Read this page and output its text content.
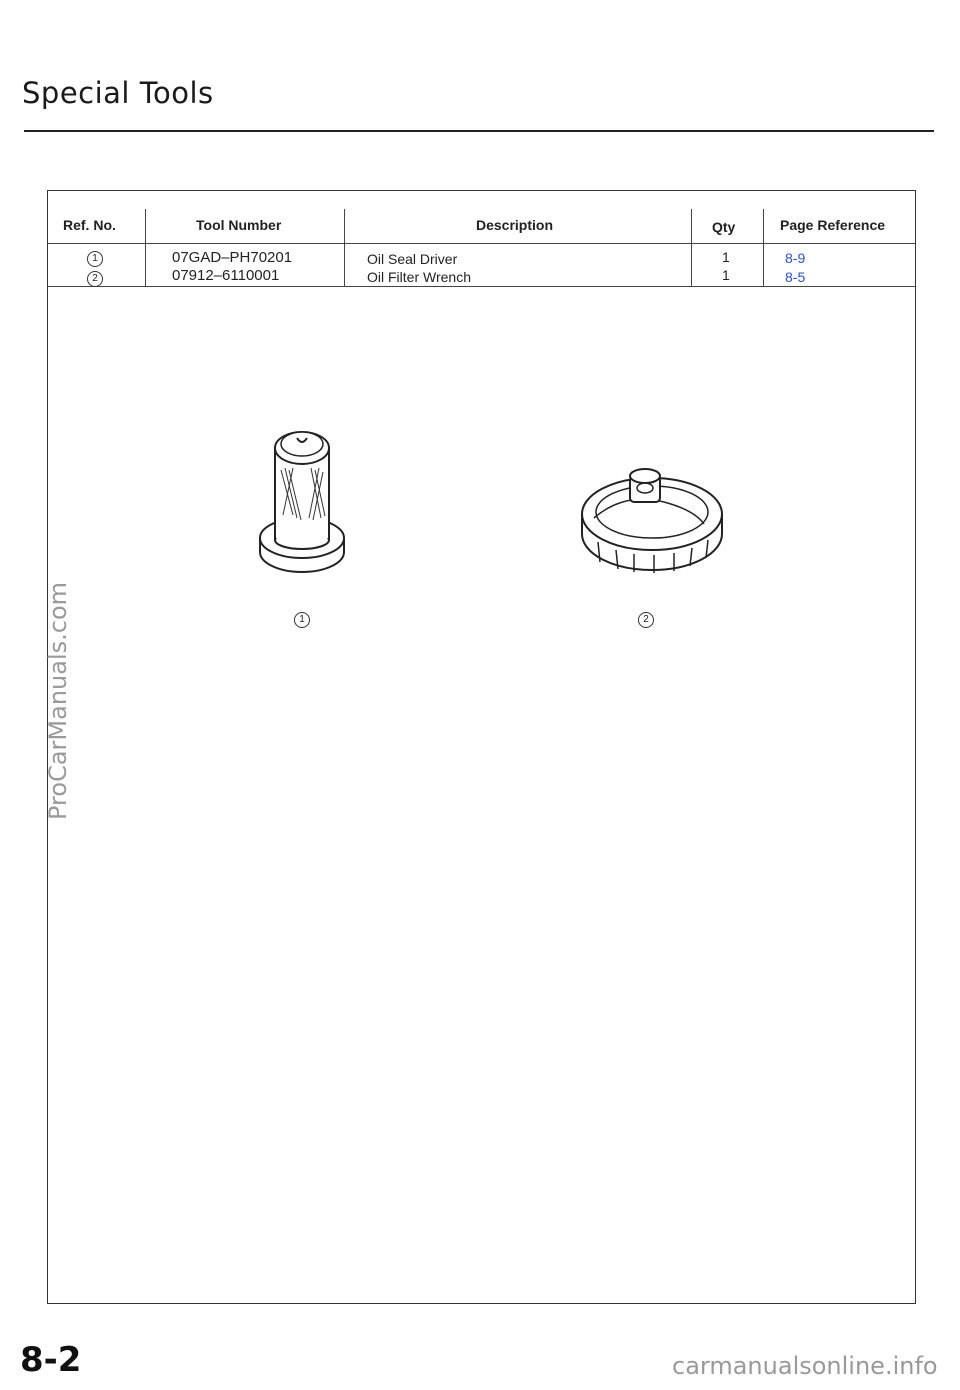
Special Tools
Ref. No.	Tool Number	Description	Qty	Page Reference
1	07GAD–PH70201	Oil Seal Driver	1	8-9
2	07912–6110001	Oil Filter Wrench	1	8-5
1	2
ProCarManuals.com
8-2	carmanualsonline.info
